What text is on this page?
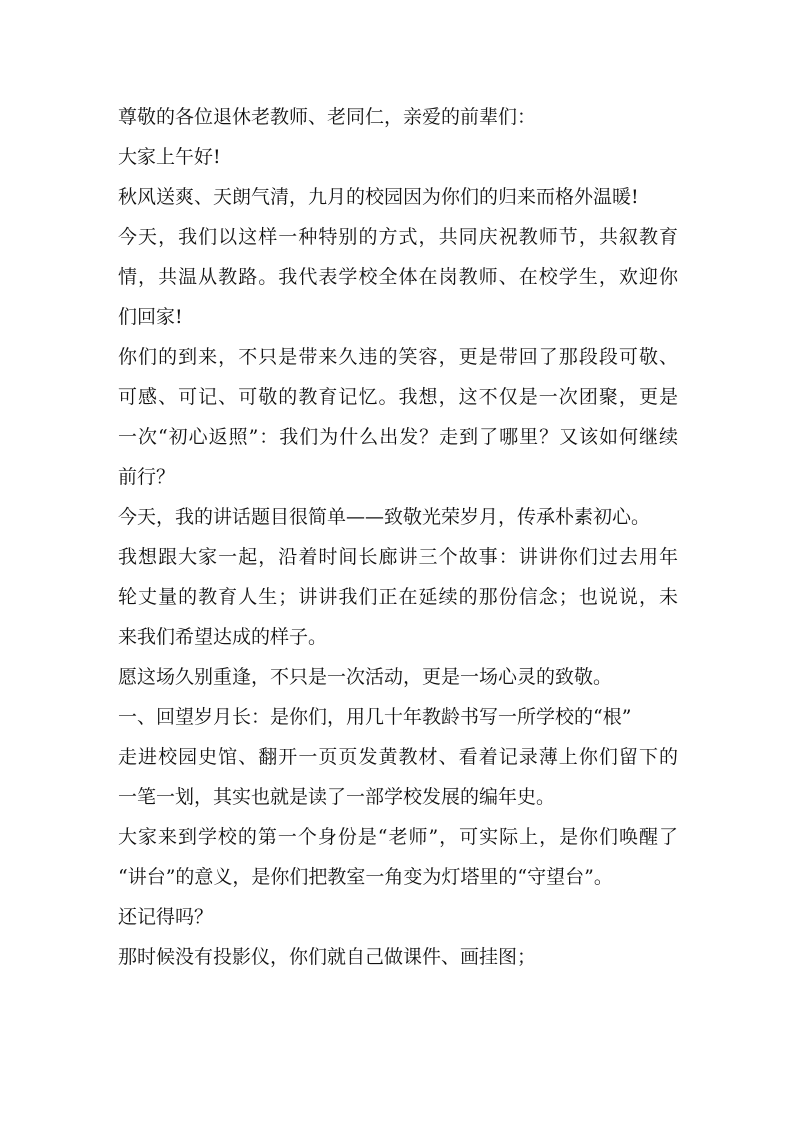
尊敬的各位退休老教师、老同仁，亲爱的前辈们：
大家上午好!
秋风送爽、天朗气清，九月的校园因为你们的归来而格外温暖!
今天，我们以这样一种特别的方式，共同庆祝教师节，共叙教育
情，共温从教路。我代表学校全体在岗教师、在校学生，欢迎你
们回家!
你们的到来，不只是带来久违的笑容，更是带回了那段段可敬、
可感、可记、可敬的教育记忆。我想，这不仅是一次团聚，更是
一次“初心返照”：我们为什么出发？走到了哪里？又该如何继续
前行？
今天，我的讲话题目很简单——致敬光荣岁月，传承朴素初心。
我想跟大家一起，沿着时间长廊讲三个故事：讲讲你们过去用年
轮丈量的教育人生；讲讲我们正在延续的那份信念；也说说，未
来我们希望达成的样子。
愿这场久别重逢，不只是一次活动，更是一场心灵的致敬。
一、回望岁月长：是你们，用几十年教龄书写一所学校的“根”
走进校园史馆、翻开一页页发黄教材、看着记录薄上你们留下的
一笔一划，其实也就是读了一部学校发展的编年史。
大家来到学校的第一个身份是“老师”，可实际上，是你们唤醒了
“讲台”的意义，是你们把教室一角变为灯塔里的“守望台”。
还记得吗？
那时候没有投影仪，你们就自己做课件、画挂图；
